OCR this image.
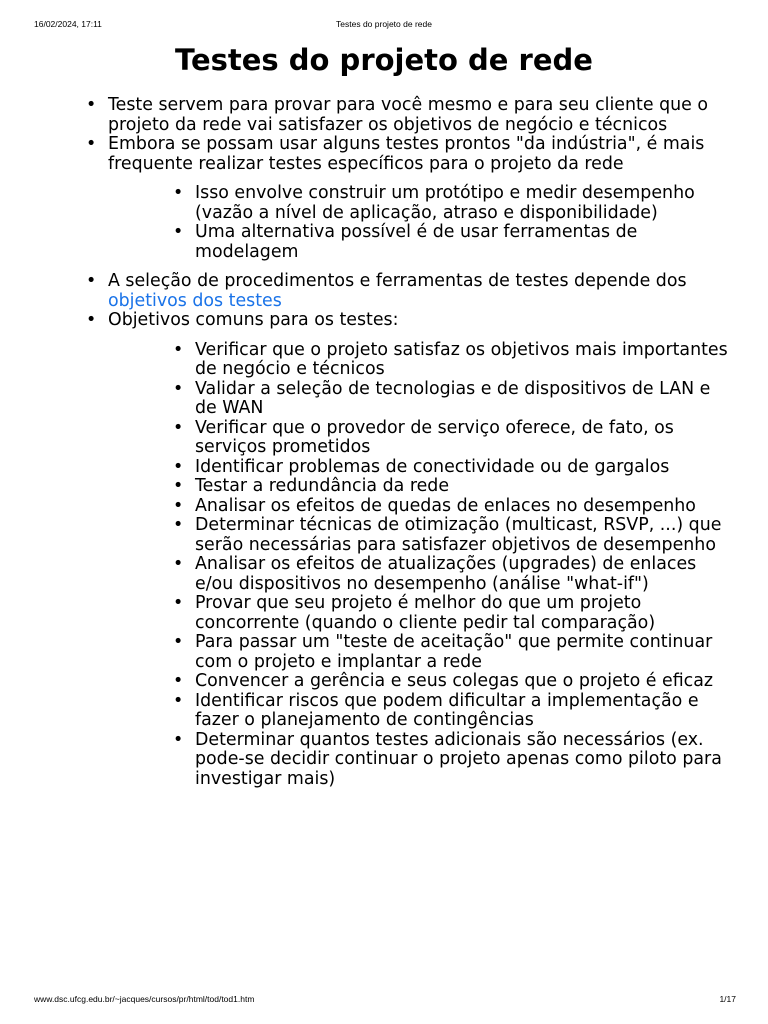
16/02/2024, 17:11	Testes do projeto de rede
Testes do projeto de rede
• Teste servem para provar para você mesmo e para seu cliente que o projeto da rede vai satisfazer os objetivos de negócio e técnicos
• Embora se possam usar alguns testes prontos "da indústria", é mais frequente realizar testes específicos para o projeto da rede
• Isso envolve construir um protótipo e medir desempenho (vazão a nível de aplicação, atraso e disponibilidade)
• Uma alternativa possível é de usar ferramentas de modelagem
• A seleção de procedimentos e ferramentas de testes depende dos objetivos dos testes
• Objetivos comuns para os testes:
• Verificar que o projeto satisfaz os objetivos mais importantes de negócio e técnicos
• Validar a seleção de tecnologias e de dispositivos de LAN e de WAN
• Verificar que o provedor de serviço oferece, de fato, os serviços prometidos
• Identificar problemas de conectividade ou de gargalos
• Testar a redundância da rede
• Analisar os efeitos de quedas de enlaces no desempenho
• Determinar técnicas de otimização (multicast, RSVP, ...) que serão necessárias para satisfazer objetivos de desempenho
• Analisar os efeitos de atualizações (upgrades) de enlaces e/ou dispositivos no desempenho (análise "what-if")
• Provar que seu projeto é melhor do que um projeto concorrente (quando o cliente pedir tal comparação)
• Para passar um "teste de aceitação" que permite continuar com o projeto e implantar a rede
• Convencer a gerência e seus colegas que o projeto é eficaz
• Identificar riscos que podem dificultar a implementação e fazer o planejamento de contingências
• Determinar quantos testes adicionais são necessários (ex. pode-se decidir continuar o projeto apenas como piloto para investigar mais)
www.dsc.ufcg.edu.br/~jacques/cursos/pr/html/tod/tod1.htm	1/17
